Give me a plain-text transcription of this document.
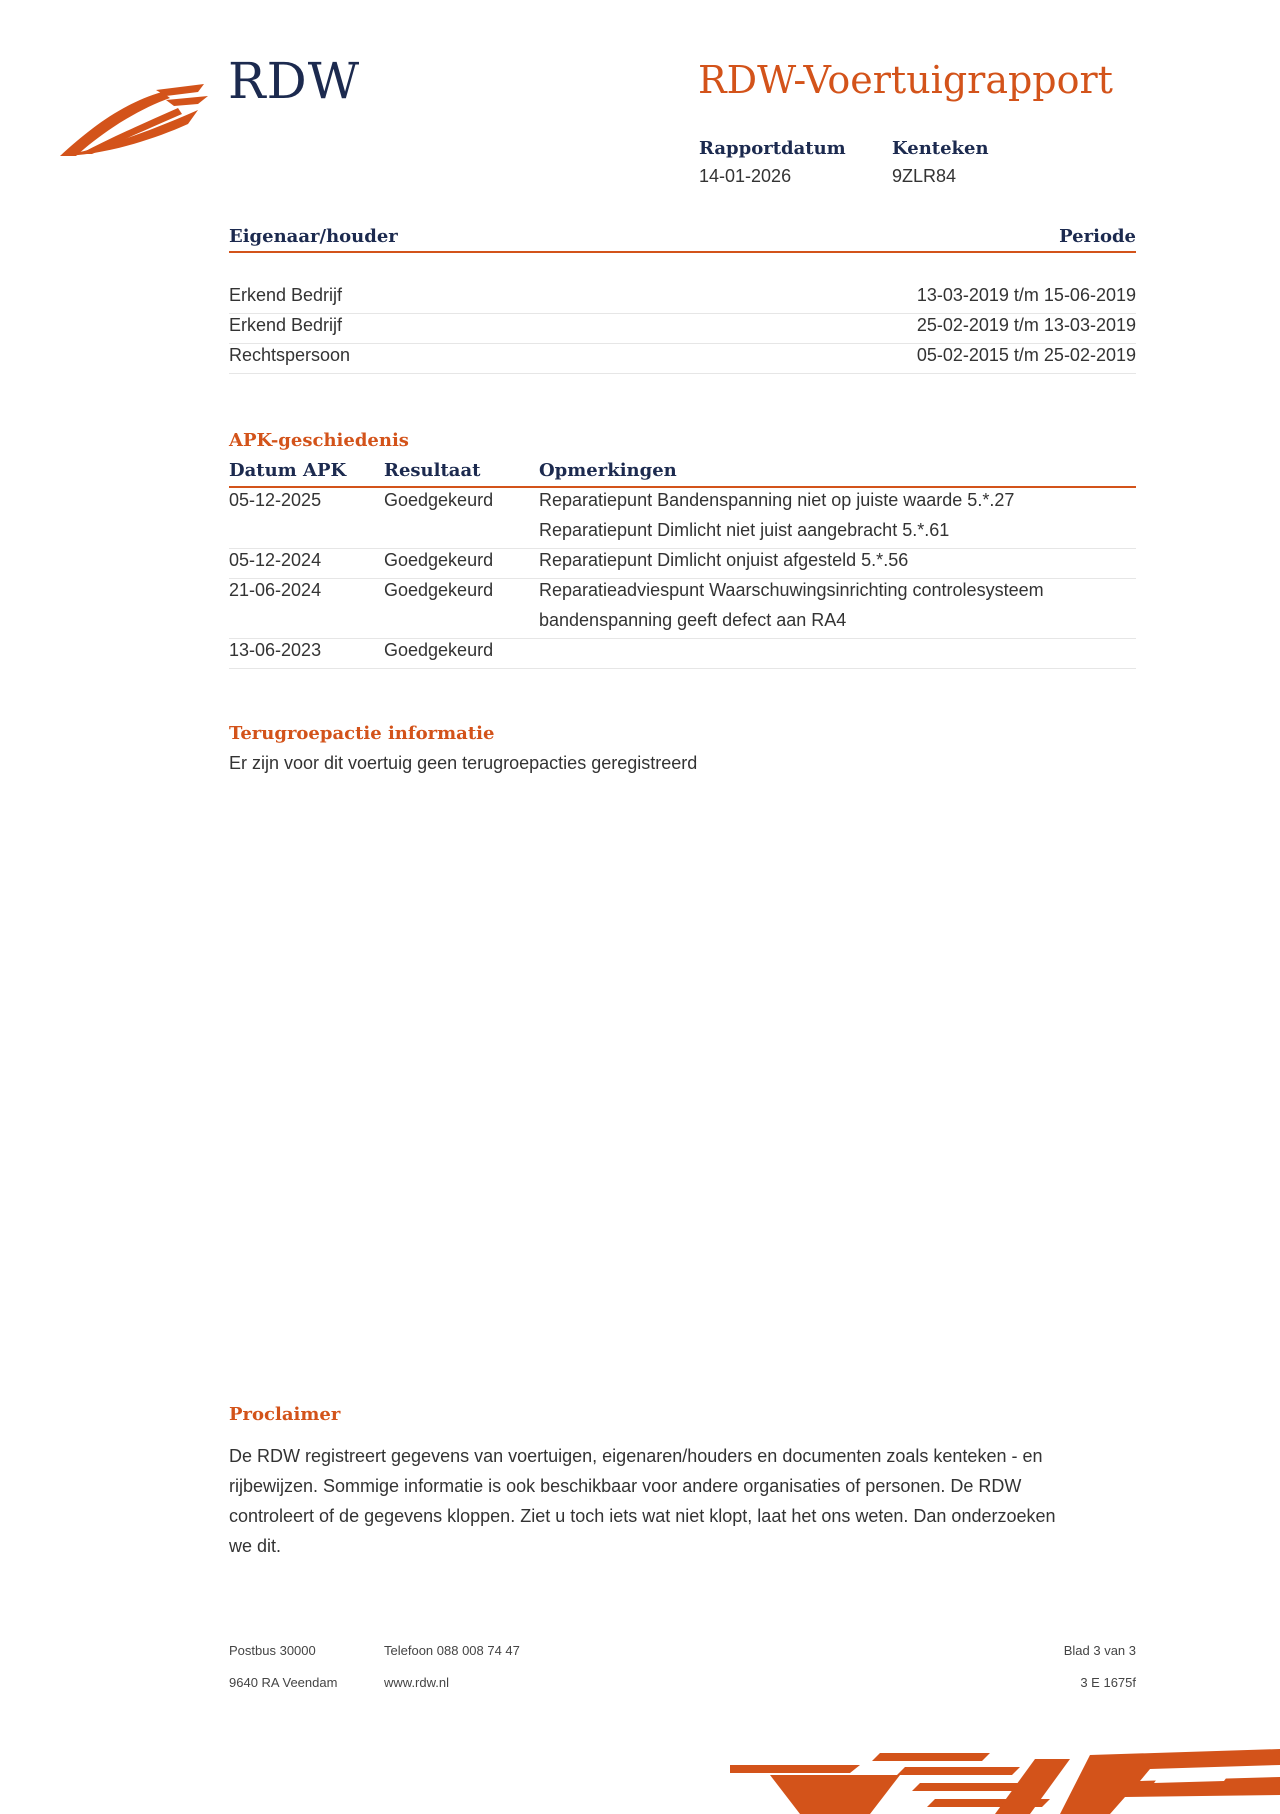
RDW	RDW-Voertuigrapport
Rapportdatum
14-01-2026
Kenteken
9ZLR84
Eigenaar/houder	Periode
Erkend Bedrijf	13-03-2019 t/m 15-06-2019
Erkend Bedrijf	25-02-2019 t/m 13-03-2019
Rechtspersoon	05-02-2015 t/m 25-02-2019
APK-geschiedenis
Datum APK Resultaat	Opmerkingen
05-12-2025	Goedgekeurd	Reparatiepunt Bandenspanning niet op juiste waarde 5.*.27
Reparatiepunt Dimlicht niet juist aangebracht 5.*.61
05-12-2024	Goedgekeurd	Reparatiepunt Dimlicht onjuist afgesteld 5.*.56
21-06-2024	Goedgekeurd	Reparatieadviespunt Waarschuwingsinrichting controlesysteem
bandenspanning geeft defect aan RA4
13-06-2023	Goedgekeurd
Terugroepactie informatie
Er zijn voor dit voertuig geen terugroepacties geregistreerd
Proclaimer
De RDW registreert gegevens van voertuigen, eigenaren/houders en documenten zoals kenteken - en
rijbewijzen. Sommige informatie is ook beschikbaar voor andere organisaties of personen. De RDW
controleert of de gegevens kloppen. Ziet u toch iets wat niet klopt, laat het ons weten. Dan onderzoeken
we dit.
Postbus 30000
9640 RA Veendam
Telefoon 088 008 74 47
www.rdw.nl
Blad 3 van 3
3 E 1675f
